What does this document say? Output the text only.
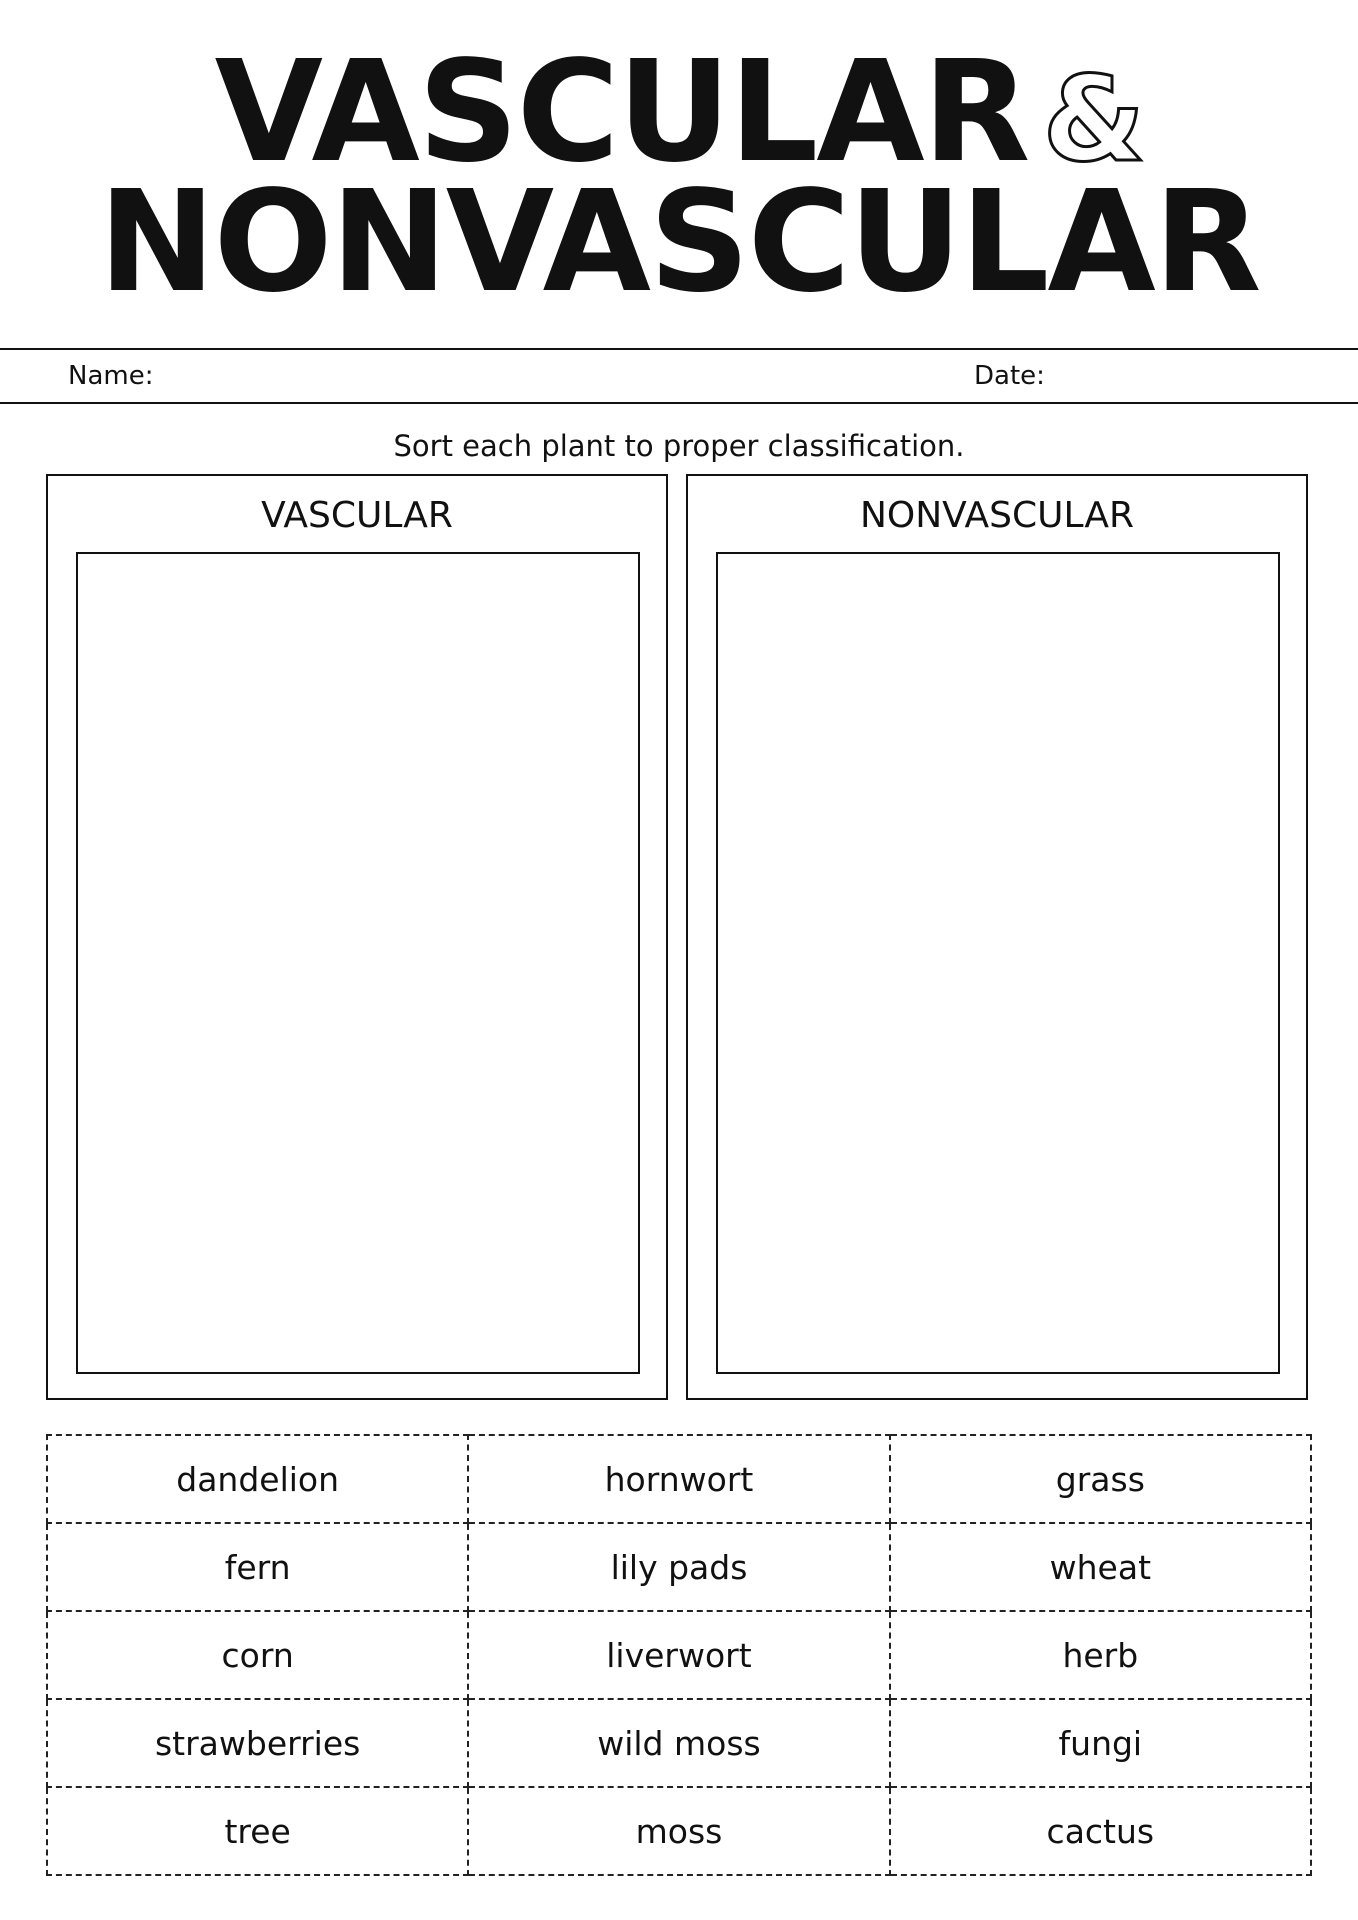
VASCULAR &
NONVASCULAR
Name:	Date:
Sort each plant to proper classification.
VASCULAR	NONVASCULAR
dandelion	hornwort	grass
fern	lily pads	wheat
corn	liverwort	herb
strawberries	wild moss	fungi
tree	moss	cactus
